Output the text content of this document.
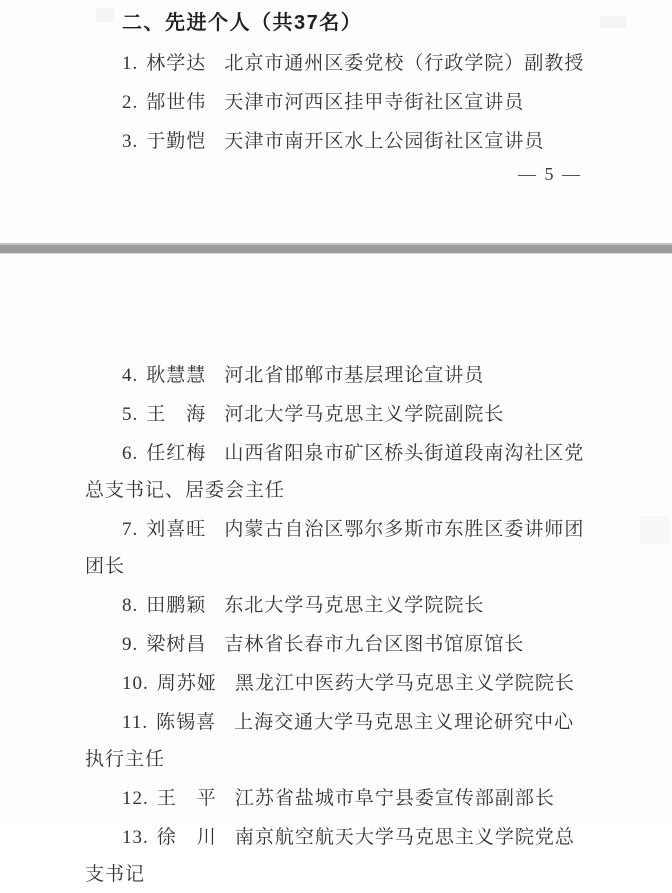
二、先进个人（共37名）

1. 林学达 北京市通州区委党校（行政学院）副教授

2. 郜世伟 天津市河西区挂甲寺街社区宣讲员

3. 于勤恺 天津市南开区水上公园街社区宣讲员

— 5 —

4. 耿慧慧 河北省邯郸市基层理论宣讲员

5. 王　海 河北大学马克思主义学院副院长

6. 任红梅 山西省阳泉市矿区桥头街道段南沟社区党总支书记、居委会主任

7. 刘喜旺 内蒙古自治区鄂尔多斯市东胜区委讲师团团长

8. 田鹏颖 东北大学马克思主义学院院长

9. 梁树昌 吉林省长春市九台区图书馆原馆长

10. 周苏娅 黑龙江中医药大学马克思主义学院院长

11. 陈锡喜 上海交通大学马克思主义理论研究中心执行主任

12. 王　平 江苏省盐城市阜宁县委宣传部副部长

13. 徐　川 南京航空航天大学马克思主义学院党总支书记
